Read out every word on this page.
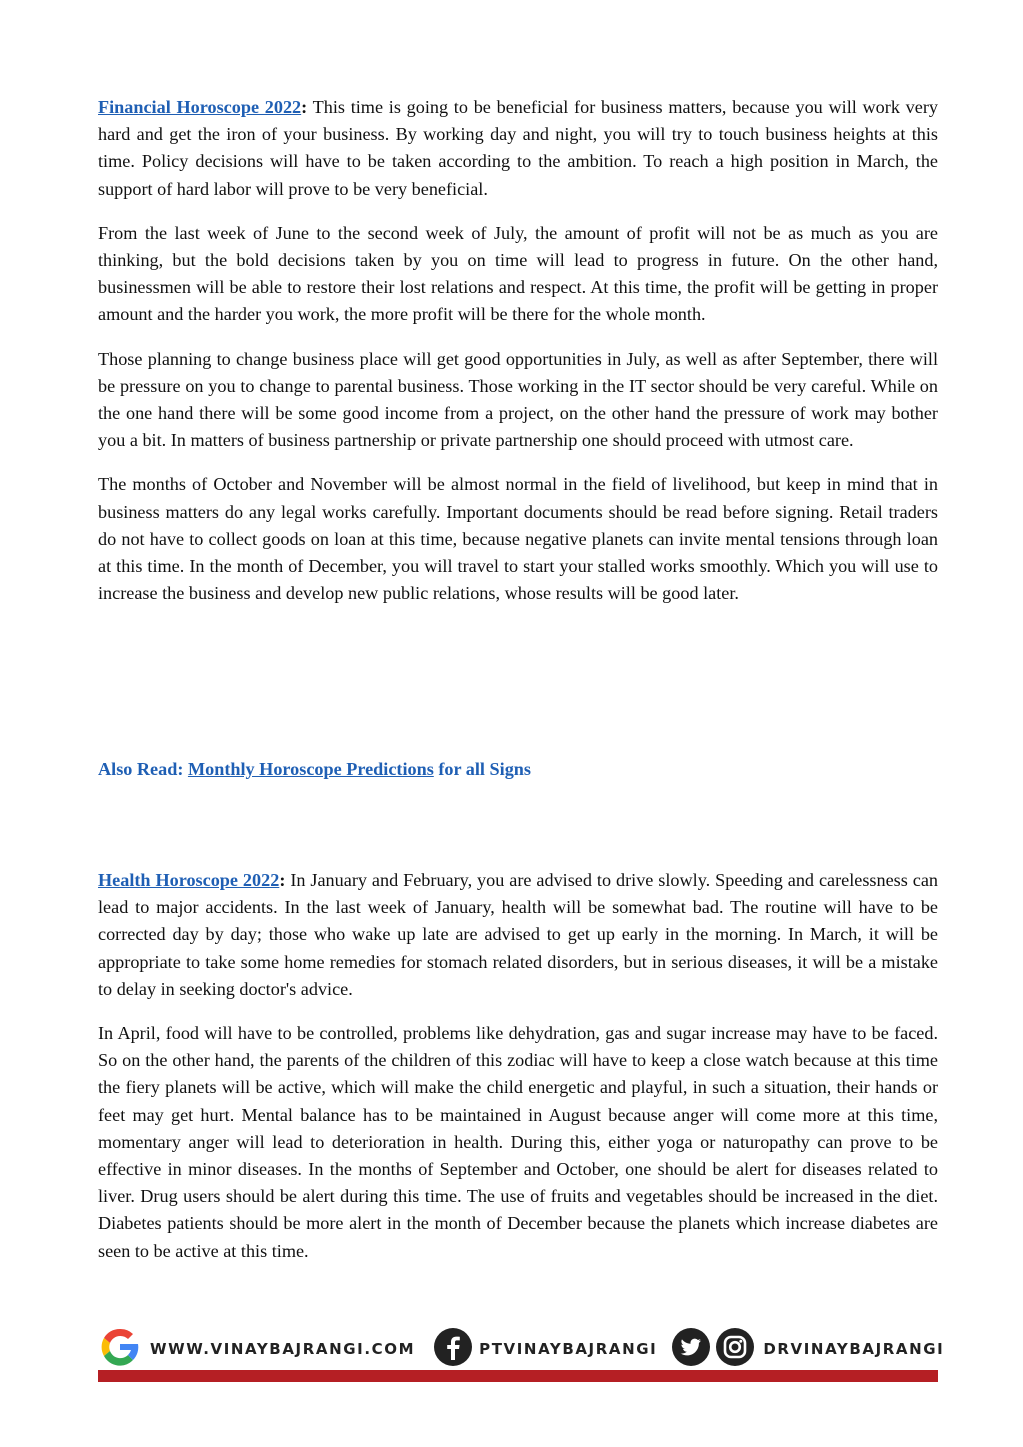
Financial Horoscope 2022: This time is going to be beneficial for business matters, because you will work very hard and get the iron of your business. By working day and night, you will try to touch business heights at this time. Policy decisions will have to be taken according to the ambition. To reach a high position in March, the support of hard labor will prove to be very beneficial.

From the last week of June to the second week of July, the amount of profit will not be as much as you are thinking, but the bold decisions taken by you on time will lead to progress in future. On the other hand, businessmen will be able to restore their lost relations and respect. At this time, the profit will be getting in proper amount and the harder you work, the more profit will be there for the whole month.

Those planning to change business place will get good opportunities in July, as well as after September, there will be pressure on you to change to parental business. Those working in the IT sector should be very careful. While on the one hand there will be some good income from a project, on the other hand the pressure of work may bother you a bit. In matters of business partnership or private partnership one should proceed with utmost care.

The months of October and November will be almost normal in the field of livelihood, but keep in mind that in business matters do any legal works carefully. Important documents should be read before signing. Retail traders do not have to collect goods on loan at this time, because negative planets can invite mental tensions through loan at this time. In the month of December, you will travel to start your stalled works smoothly. Which you will use to increase the business and develop new public relations, whose results will be good later.

Also Read: Monthly Horoscope Predictions for all Signs

Health Horoscope 2022: In January and February, you are advised to drive slowly. Speeding and carelessness can lead to major accidents. In the last week of January, health will be somewhat bad. The routine will have to be corrected day by day; those who wake up late are advised to get up early in the morning. In March, it will be appropriate to take some home remedies for stomach related disorders, but in serious diseases, it will be a mistake to delay in seeking doctor's advice.

In April, food will have to be controlled, problems like dehydration, gas and sugar increase may have to be faced. So on the other hand, the parents of the children of this zodiac will have to keep a close watch because at this time the fiery planets will be active, which will make the child energetic and playful, in such a situation, their hands or feet may get hurt. Mental balance has to be maintained in August because anger will come more at this time, momentary anger will lead to deterioration in health. During this, either yoga or naturopathy can prove to be effective in minor diseases. In the months of September and October, one should be alert for diseases related to liver. Drug users should be alert during this time. The use of fruits and vegetables should be increased in the diet. Diabetes patients should be more alert in the month of December because the planets which increase diabetes are seen to be active at this time.

WWW.VINAYBAJRANGI.COM	PTVINAYBAJRANGI	DRVINAYBAJRANGI
